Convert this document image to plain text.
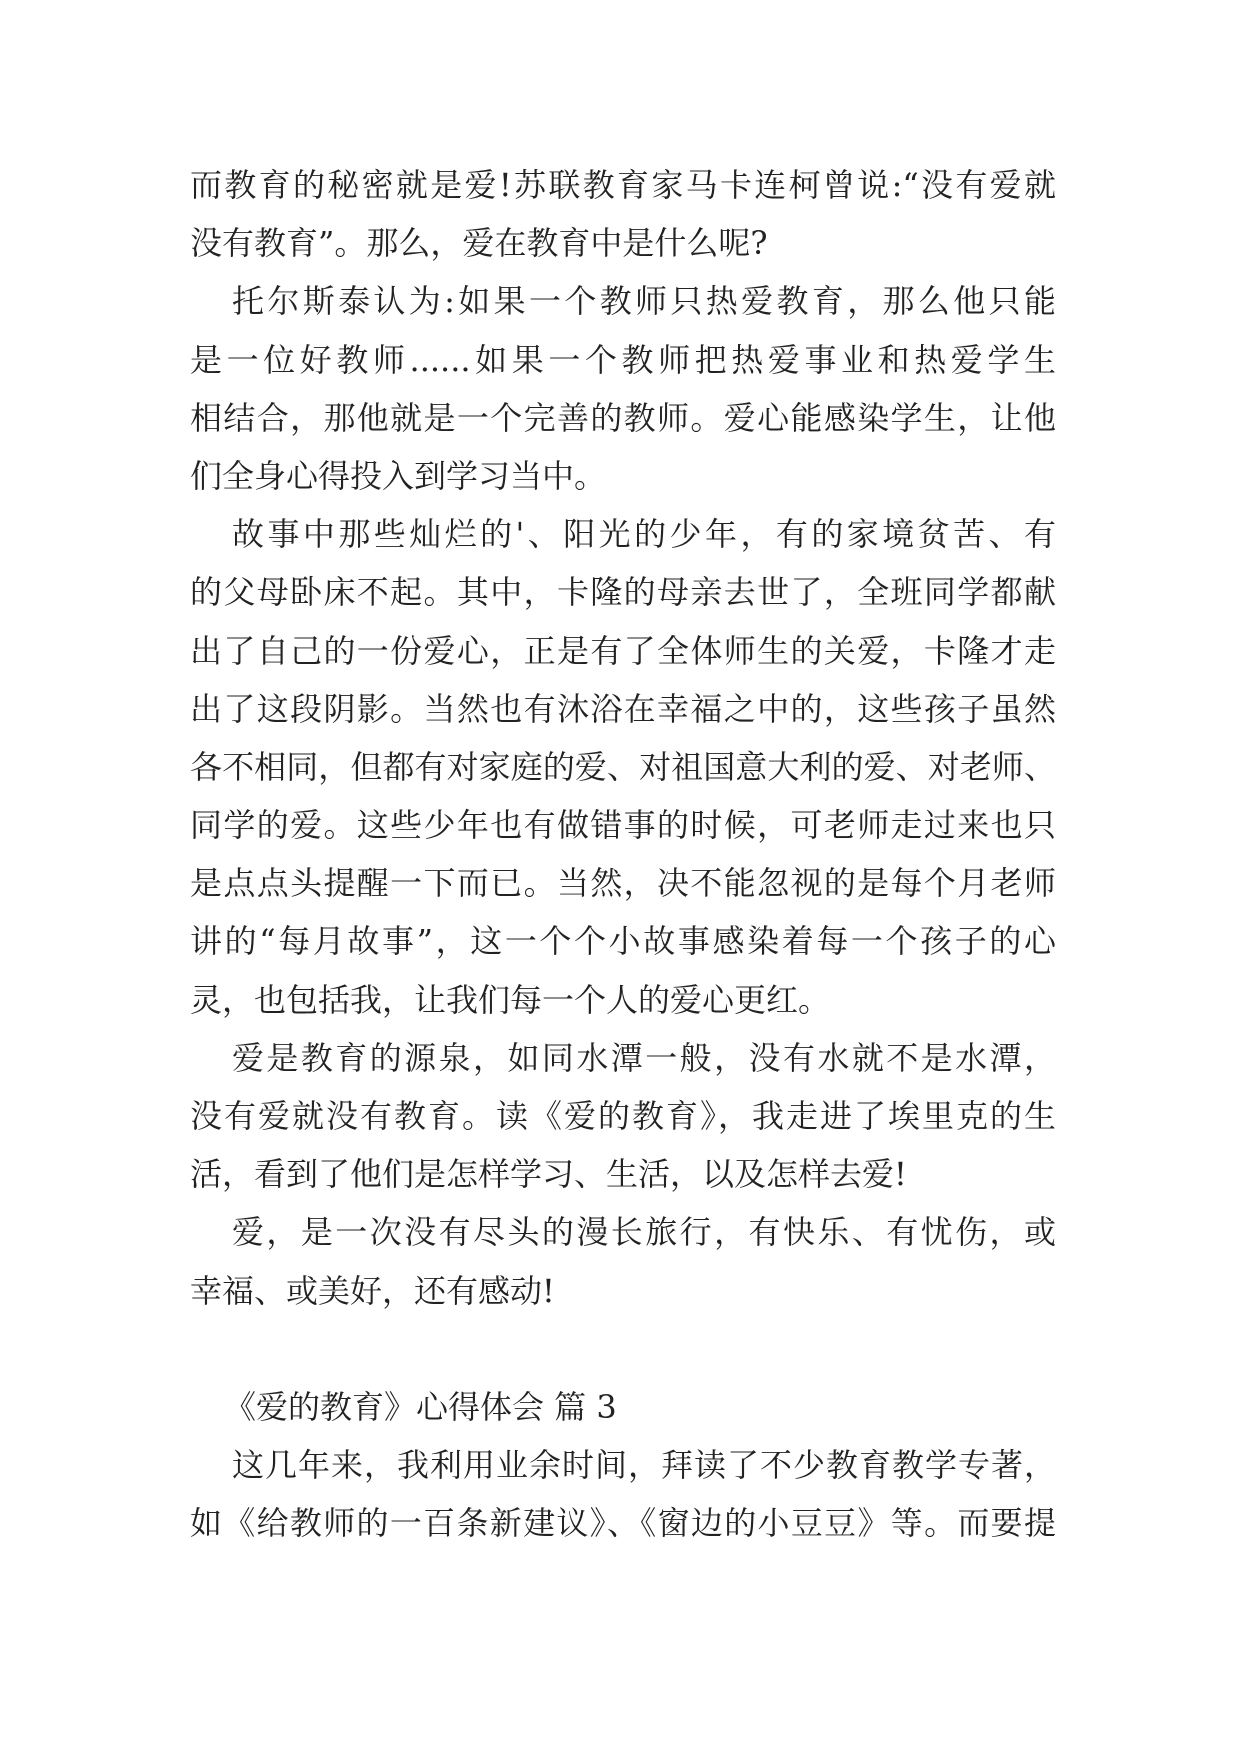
而教育的秘密就是爱!苏联教育家马卡连柯曾说:“没有爱就
没有教育”。那么，爱在教育中是什么呢?
托尔斯泰认为:如果一个教师只热爱教育，那么他只能
是一位好教师......如果一个教师把热爱事业和热爱学生
相结合，那他就是一个完善的教师。爱心能感染学生，让他
们全身心得投入到学习当中。
故事中那些灿烂的'、阳光的少年，有的家境贫苦、有
的父母卧床不起。其中，卡隆的母亲去世了，全班同学都献
出了自己的一份爱心，正是有了全体师生的关爱，卡隆才走
出了这段阴影。当然也有沐浴在幸福之中的，这些孩子虽然
各不相同，但都有对家庭的爱、对祖国意大利的爱、对老师、
同学的爱。这些少年也有做错事的时候，可老师走过来也只
是点点头提醒一下而已。当然，决不能忽视的是每个月老师
讲的“每月故事”，这一个个小故事感染着每一个孩子的心
灵，也包括我，让我们每一个人的爱心更红。
爱是教育的源泉，如同水潭一般，没有水就不是水潭，
没有爱就没有教育。读《爱的教育》，我走进了埃里克的生
活，看到了他们是怎样学习、生活，以及怎样去爱!
爱，是一次没有尽头的漫长旅行，有快乐、有忧伤，或
幸福、或美好，还有感动!
《爱的教育》心得体会 篇 3
这几年来，我利用业余时间，拜读了不少教育教学专著，
如《给教师的一百条新建议》、《窗边的小豆豆》等。而要提
